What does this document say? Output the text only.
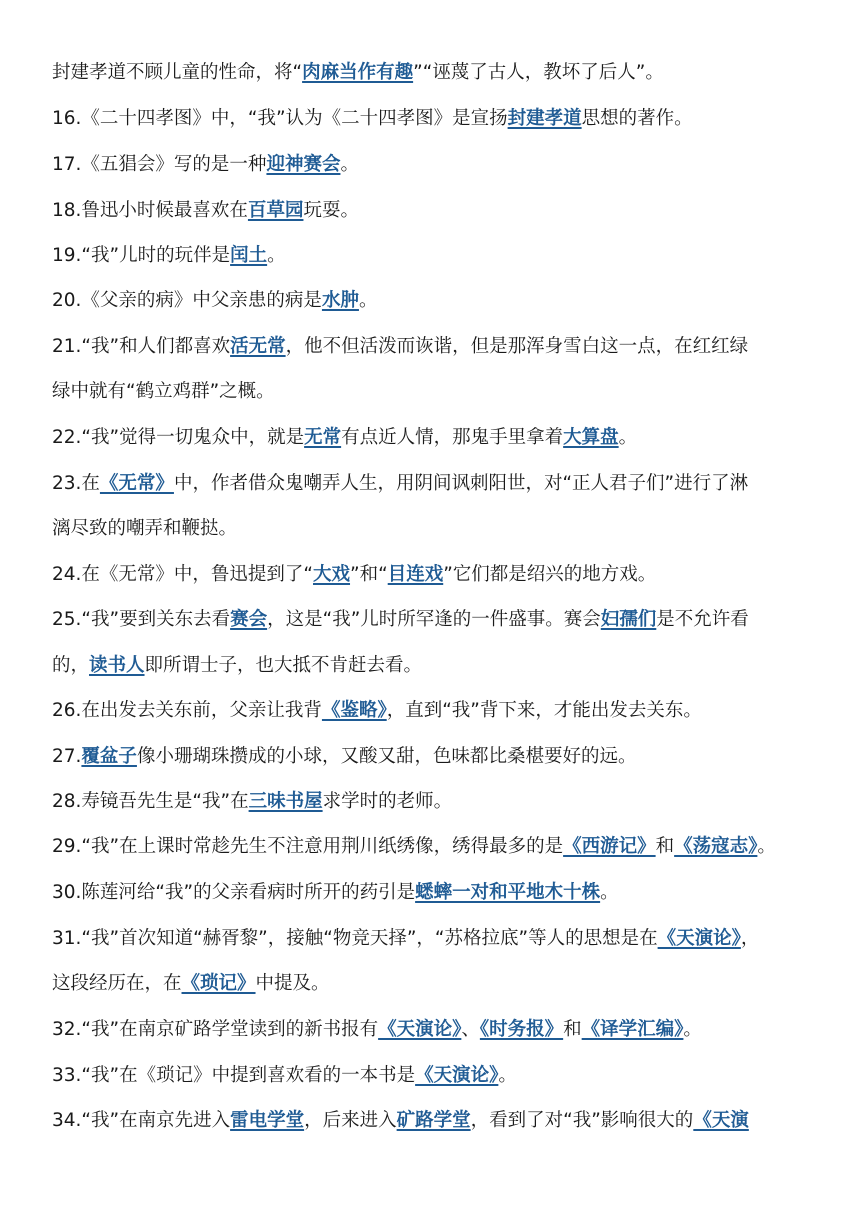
封建孝道不顾儿童的性命，将“肉麻当作有趣”“诬蔑了古人，教坏了后人”。
16.《二十四孝图》中，“我”认为《二十四孝图》是宣扬封建孝道思想的著作。
17.《五猖会》写的是一种迎神赛会。
18.鲁迅小时候最喜欢在百草园玩耍。
19.“我”儿时的玩伴是闰土。
20.《父亲的病》中父亲患的病是水肿。
21.“我”和人们都喜欢活无常，他不但活泼而诙谐，但是那浑身雪白这一点，在红红绿
绿中就有“鹤立鸡群”之概。
22.“我”觉得一切鬼众中，就是无常有点近人情，那鬼手里拿着大算盘。
23.在《无常》中，作者借众鬼嘲弄人生，用阴间讽刺阳世，对“正人君子们”进行了淋
漓尽致的嘲弄和鞭挞。
24.在《无常》中，鲁迅提到了“大戏”和“目连戏”它们都是绍兴的地方戏。
25.“我”要到关东去看赛会，这是“我”儿时所罕逢的一件盛事。赛会妇孺们是不允许看
的，读书人即所谓士子，也大抵不肯赶去看。
26.在出发去关东前，父亲让我背《鉴略》，直到“我”背下来，才能出发去关东。
27.覆盆子像小珊瑚珠攒成的小球，又酸又甜，色味都比桑椹要好的远。
28.寿镜吾先生是“我”在三味书屋求学时的老师。
29.“我”在上课时常趁先生不注意用荆川纸绣像，绣得最多的是《西游记》和《荡寇志》。
30.陈莲河给“我”的父亲看病时所开的药引是蟋蟀一对和平地木十株。
31.“我”首次知道“赫胥黎”，接触“物竞天择”，“苏格拉底”等人的思想是在《天演论》，
这段经历在，在《琐记》中提及。
32.“我”在南京矿路学堂读到的新书报有《天演论》、《时务报》和《译学汇编》。
33.“我”在《琐记》中提到喜欢看的一本书是《天演论》。
34.“我”在南京先进入雷电学堂，后来进入矿路学堂，看到了对“我”影响很大的《天演
